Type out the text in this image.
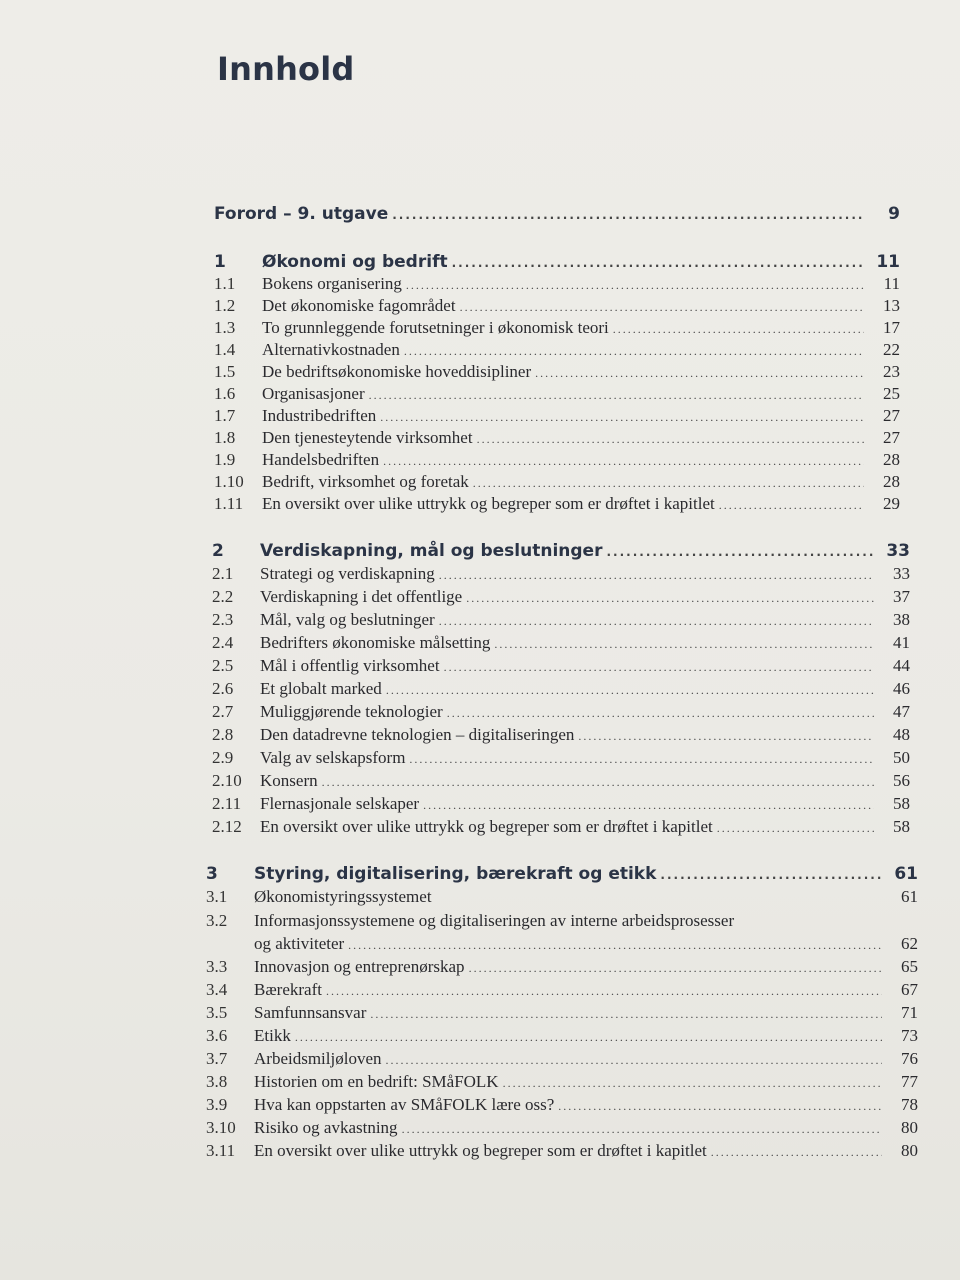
Innhold
Forord – 9. utgave .....	9
1	Økonomi og bedrift .....	11
1.1	Bokens organisering .....	11
1.2	Det økonomiske fagområdet .....	13
1.3	To grunnleggende forutsetninger i økonomisk teori .....	17
1.4	Alternativkostnaden .....	22
1.5	De bedriftsøkonomiske hoveddisipliner .....	23
1.6	Organisasjoner .....	25
1.7	Industribedriften .....	27
1.8	Den tjenesteytende virksomhet .....	27
1.9	Handelsbedriften .....	28
1.10	Bedrift, virksomhet og foretak .....	28
1.11	En oversikt over ulike uttrykk og begreper som er drøftet i kapitlet .....	29
2	Verdiskapning, mål og beslutninger .....	33
2.1	Strategi og verdiskapning .....	33
2.2	Verdiskapning i det offentlige .....	37
2.3	Mål, valg og beslutninger .....	38
2.4	Bedrifters økonomiske målsetting .....	41
2.5	Mål i offentlig virksomhet .....	44
2.6	Et globalt marked .....	46
2.7	Muliggjørende teknologier .....	47
2.8	Den datadrevne teknologien – digitaliseringen .....	48
2.9	Valg av selskapsform .....	50
2.10	Konsern .....	56
2.11	Flernasjonale selskaper .....	58
2.12	En oversikt over ulike uttrykk og begreper som er drøftet i kapitlet .....	58
3	Styring, digitalisering, bærekraft og etikk .....	61
3.1	Økonomistyringssystemet	61
3.2	Informasjonssystemene og digitaliseringen av interne arbeidsprosesser
og aktiviteter .....	62
3.3	Innovasjon og entreprenørskap .....	65
3.4	Bærekraft .....	67
3.5	Samfunnsansvar .....	71
3.6	Etikk .....	73
3.7	Arbeidsmiljøloven .....	76
3.8	Historien om en bedrift: SMåFOLK .....	77
3.9	Hva kan oppstarten av SMåFOLK lære oss? .....	78
3.10	Risiko og avkastning .....	80
3.11	En oversikt over ulike uttrykk og begreper som er drøftet i kapitlet .....	80
